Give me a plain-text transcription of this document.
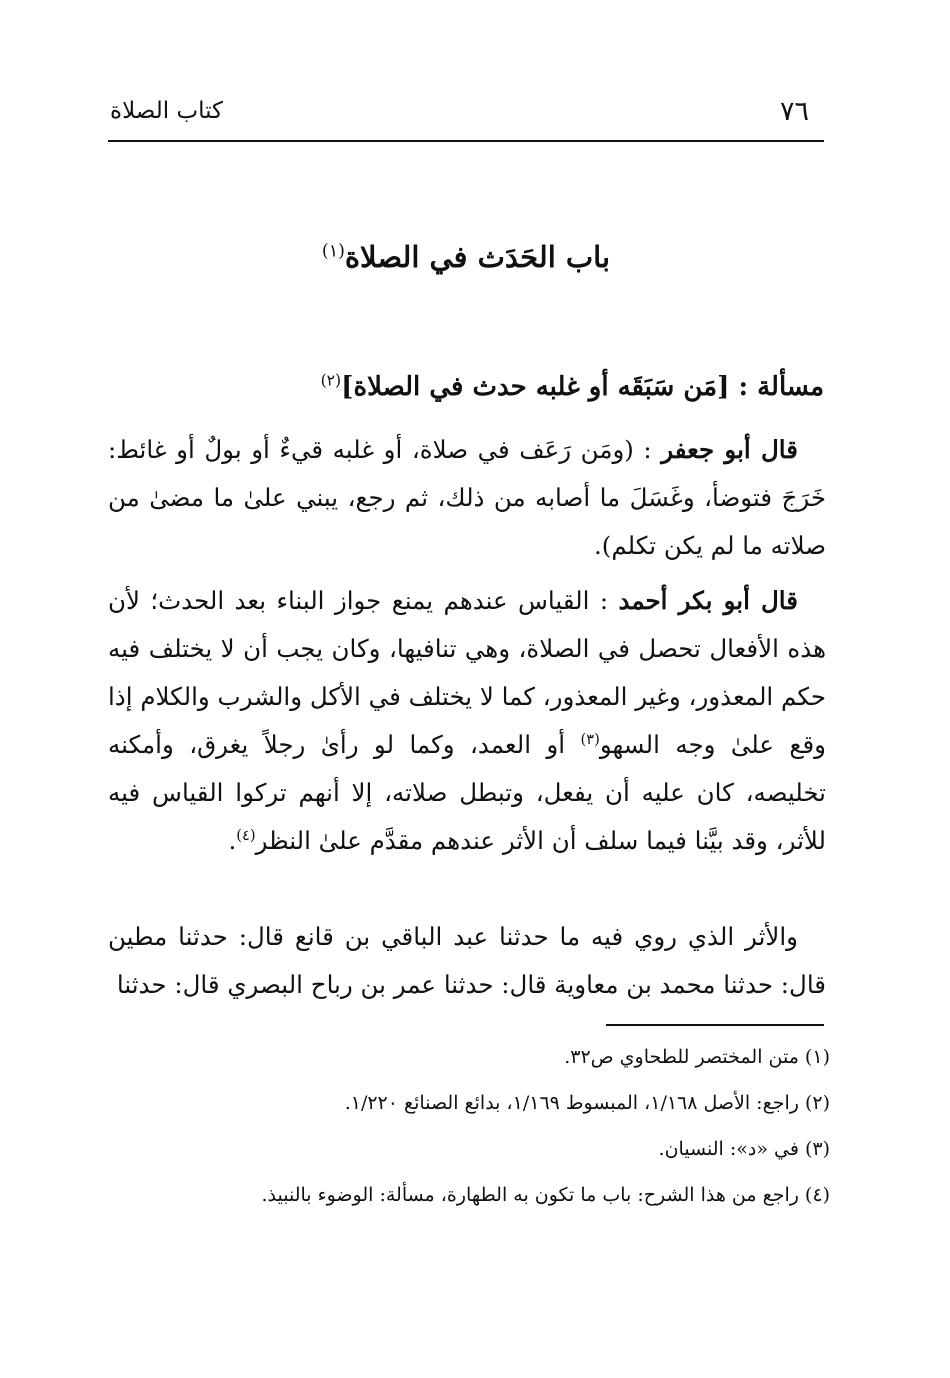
كتاب الصلاة	٧٦
باب الحَدَث في الصلاة$^{(١)}$
مسألة : [مَن سَبَقَه أو غلبه حدث في الصلاة]$^{(٢)}$

قال أبو جعفر : (ومَن رَعَف في صلاة، أو غلبه قيءٌ أو بولٌ أو غائط: خَرَجَ فتوضأ، وغَسَلَ ما أصابه من ذلك، ثم رجع، يبني علىٰ ما مضىٰ من صلاته ما لم يكن تكلم).

قال أبو بكر أحمد : القياس عندهم يمنع جواز البناء بعد الحدث؛ لأن هذه الأفعال تحصل في الصلاة، وهي تنافيها، وكان يجب أن لا يختلف فيه حكم المعذور، وغير المعذور، كما لا يختلف في الأكل والشرب والكلام إذا وقع علىٰ وجه السهو$^{(٣)}$ أو العمد، وكما لو رأىٰ رجلاً يغرق، وأمكنه تخليصه، كان عليه أن يفعل، وتبطل صلاته، إلا أنهم تركوا القياس فيه للأثر، وقد بيَّنا فيما سلف أن الأثر عندهم مقدَّم علىٰ النظر$^{(٤)}$.

والأثر الذي روي فيه ما حدثنا عبد الباقي بن قانع قال: حدثنا مطين قال: حدثنا محمد بن معاوية قال: حدثنا عمر بن رباح البصري قال: حدثنا

(١) متن المختصر للطحاوي ص٣٢.
(٢) راجع: الأصل ١/١٦٨، المبسوط ١/١٦٩، بدائع الصنائع ١/٢٢٠.
(٣) في «د»: النسيان.
(٤) راجع من هذا الشرح: باب ما تكون به الطهارة، مسألة: الوضوء بالنبيذ.
